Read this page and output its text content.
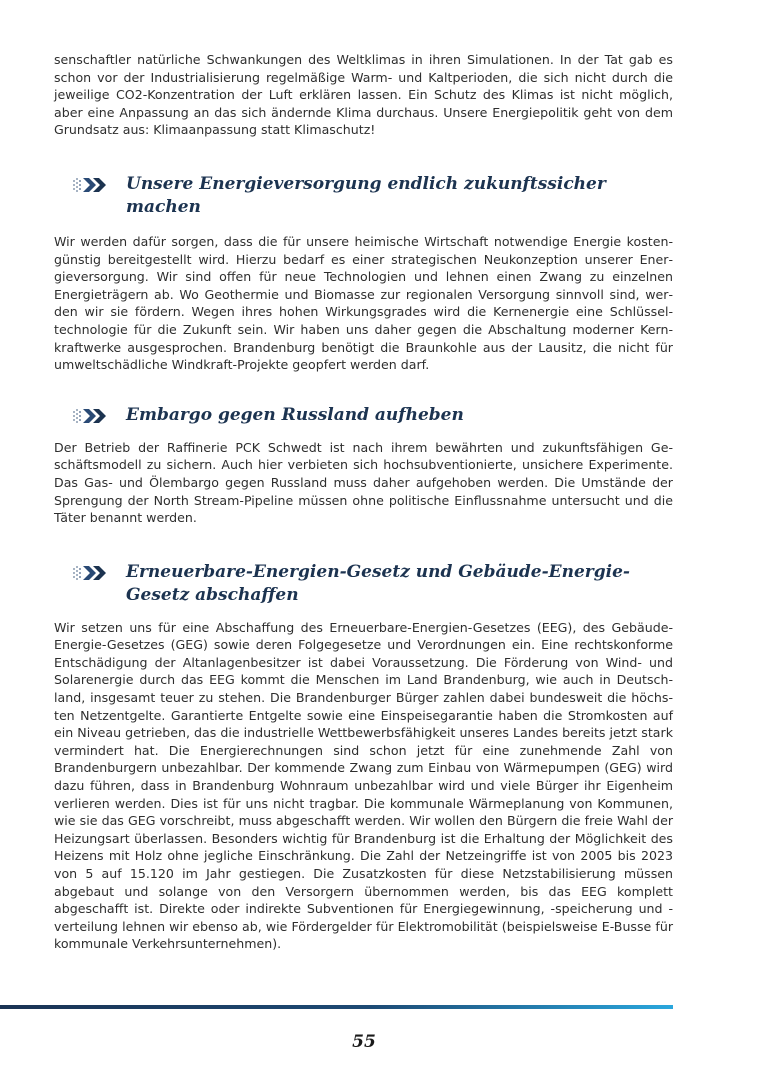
senschaftler natürliche Schwankungen des Weltklimas in ihren Simulationen. In der Tat gab es schon vor der Industrialisierung regelmäßige Warm- und Kaltperioden, die sich nicht durch die jeweilige CO2-Konzentration der Luft erklären lassen. Ein Schutz des Klimas ist nicht möglich, aber eine Anpassung an das sich ändernde Klima durchaus. Unsere Energiepolitik geht von dem Grundsatz aus: Klimaanpassung statt Klimaschutz!

Unsere Energieversorgung endlich zukunftssicher machen

Wir werden dafür sorgen, dass die für unsere heimische Wirtschaft notwendige Energie kostengünstig bereitgestellt wird. Hierzu bedarf es einer strategischen Neukonzeption unserer Energieversorgung. Wir sind offen für neue Technologien und lehnen einen Zwang zu einzelnen Energieträgern ab. Wo Geothermie und Biomasse zur regionalen Versorgung sinnvoll sind, werden wir sie fördern. Wegen ihres hohen Wirkungsgrades wird die Kernenergie eine Schlüsseltechnologie für die Zukunft sein. Wir haben uns daher gegen die Abschaltung moderner Kernkraftwerke ausgesprochen. Brandenburg benötigt die Braunkohle aus der Lausitz, die nicht für umweltschädliche Windkraft-Projekte geopfert werden darf.

Embargo gegen Russland aufheben

Der Betrieb der Raffinerie PCK Schwedt ist nach ihrem bewährten und zukunftsfähigen Geschäftsmodell zu sichern. Auch hier verbieten sich hochsubventionierte, unsichere Experimente. Das Gas- und Ölembargo gegen Russland muss daher aufgehoben werden. Die Umstände der Sprengung der North Stream-Pipeline müssen ohne politische Einflussnahme untersucht und die Täter benannt werden.

Erneuerbare-Energien-Gesetz und Gebäude-Energie-Gesetz abschaffen

Wir setzen uns für eine Abschaffung des Erneuerbare-Energien-Gesetzes (EEG), des Gebäude-Energie-Gesetzes (GEG) sowie deren Folgegesetze und Verordnungen ein. Eine rechtskonforme Entschädigung der Altanlagenbesitzer ist dabei Voraussetzung. Die Förderung von Wind- und Solarenergie durch das EEG kommt die Menschen im Land Brandenburg, wie auch in Deutschland, insgesamt teuer zu stehen. Die Brandenburger Bürger zahlen dabei bundesweit die höchsten Netzentgelte. Garantierte Entgelte sowie eine Einspeisegarantie haben die Stromkosten auf ein Niveau getrieben, das die industrielle Wettbewerbsfähigkeit unseres Landes bereits jetzt stark vermindert hat. Die Energierechnungen sind schon jetzt für eine zunehmende Zahl von Brandenburgern unbezahlbar. Der kommende Zwang zum Einbau von Wärmepumpen (GEG) wird dazu führen, dass in Brandenburg Wohnraum unbezahlbar wird und viele Bürger ihr Eigenheim verlieren werden. Dies ist für uns nicht tragbar. Die kommunale Wärmeplanung von Kommunen, wie sie das GEG vorschreibt, muss abgeschafft werden. Wir wollen den Bürgern die freie Wahl der Heizungsart überlassen. Besonders wichtig für Brandenburg ist die Erhaltung der Möglichkeit des Heizens mit Holz ohne jegliche Einschränkung. Die Zahl der Netzeingriffe ist von 2005 bis 2023 von 5 auf 15.120 im Jahr gestiegen. Die Zusatzkosten für diese Netzstabilisierung müssen abgebaut und solange von den Versorgern übernommen werden, bis das EEG komplett abgeschafft ist. Direkte oder indirekte Subventionen für Energiegewinnung, -speicherung und -verteilung lehnen wir ebenso ab, wie Fördergelder für Elektromobilität (beispielsweise E-Busse für kommunale Verkehrsunternehmen).

55
